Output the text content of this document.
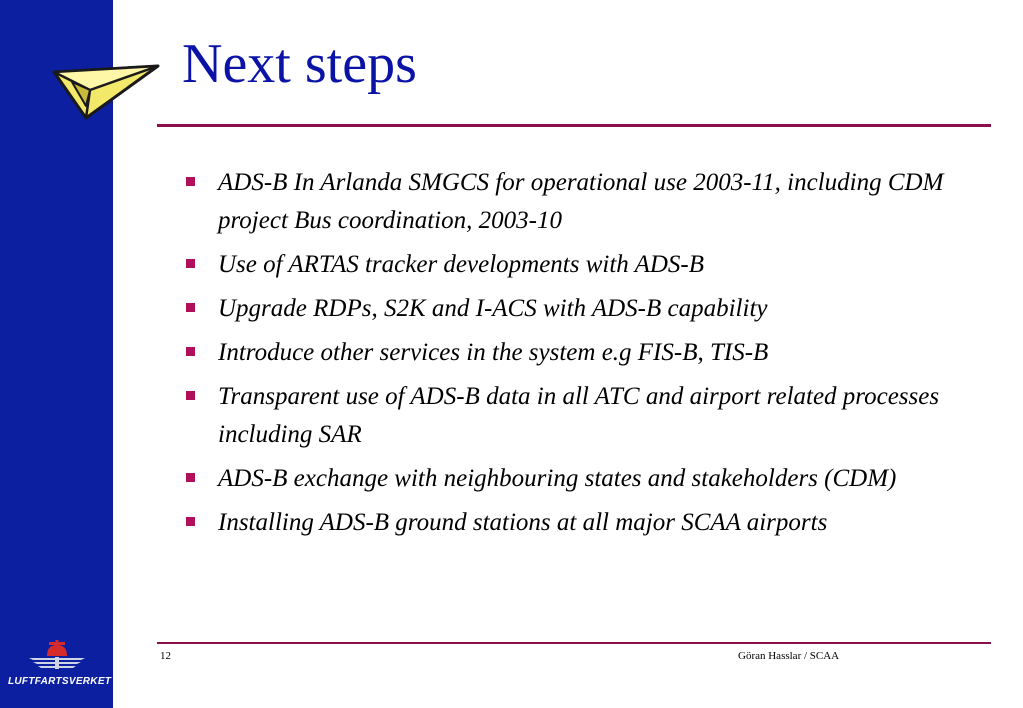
Next steps
ADS-B In Arlanda SMGCS for operational use 2003-11, including CDM project Bus coordination, 2003-10
Use of ARTAS tracker developments with ADS-B
Upgrade RDPs, S2K and I-ACS with ADS-B capability
Introduce other services in the system e.g FIS-B, TIS-B
Transparent use of ADS-B data in all ATC and airport related processes including SAR
ADS-B exchange with neighbouring states and stakeholders (CDM)
Installing ADS-B ground stations at all major SCAA airports
12	Göran Hasslar / SCAA
LUFTFARTSVERKET
